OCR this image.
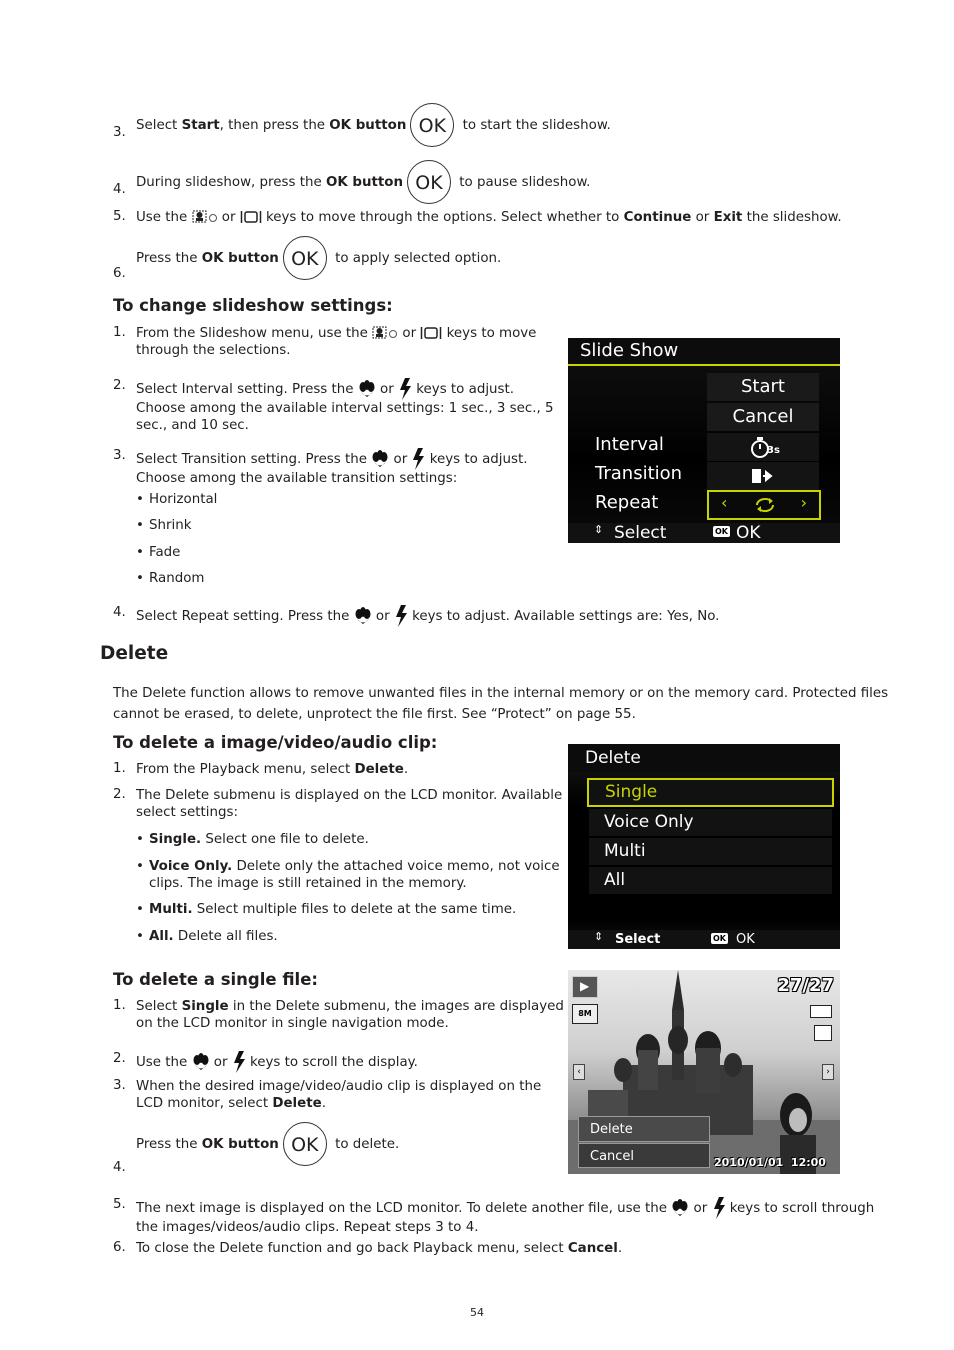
3. Select Start, then press the OK button OK to start the slideshow.
4. During slideshow, press the OK button OK to pause slideshow.
5. Use the  or  keys to move through the options. Select whether to Continue or Exit the slideshow.
6.
Press the OK button OK to apply selected option.
To change slideshow settings:
1. From the Slideshow menu, use the  or  keys to move
through the selections.
2. Select Interval setting. Press the  or  keys to adjust.
Choose among the available interval settings: 1 sec., 3 sec., 5
sec., and 10 sec.
3. Select Transition setting. Press the  or  keys to adjust.
Choose among the available transition settings:
• Horizontal
• Shrink
• Fade
• Random
4. Select Repeat setting. Press the  or  keys to adjust. Available settings are: Yes, No.
Slide Show
Start
Cancel
Interval	3s
Transition
Repeat	‹	›
⇕ Select	OK OK
Delete
The Delete function allows to remove unwanted files in the internal memory or on the memory card. Protected files
cannot be erased, to delete, unprotect the file first. See “Protect” on page 55.
To delete a image/video/audio clip:
1. From the Playback menu, select Delete.
2. The Delete submenu is displayed on the LCD monitor. Available
select settings:
• Single. Select one file to delete.
• Voice Only. Delete only the attached voice memo, not voice
clips. The image is still retained in the memory.
• Multi. Select multiple files to delete at the same time.
• All. Delete all files.
Delete
Single
Voice Only
Multi
All
⇕ Select	OK OK
To delete a single file:
1. Select Single in the Delete submenu, the images are displayed
on the LCD monitor in single navigation mode.
2. Use the  or  keys to scroll the display.
3. When the desired image/video/audio clip is displayed on the
LCD monitor, select Delete.
4.
Press the OK button OK to delete.
5. The next image is displayed on the LCD monitor. To delete another file, use the  or  keys to scroll through
the images/videos/audio clips. Repeat steps 3 to 4.
6. To close the Delete function and go back Playback menu, select Cancel.
▶
8M
27/27
‹	›
Delete
Cancel	2010/01/01  12:00
54
